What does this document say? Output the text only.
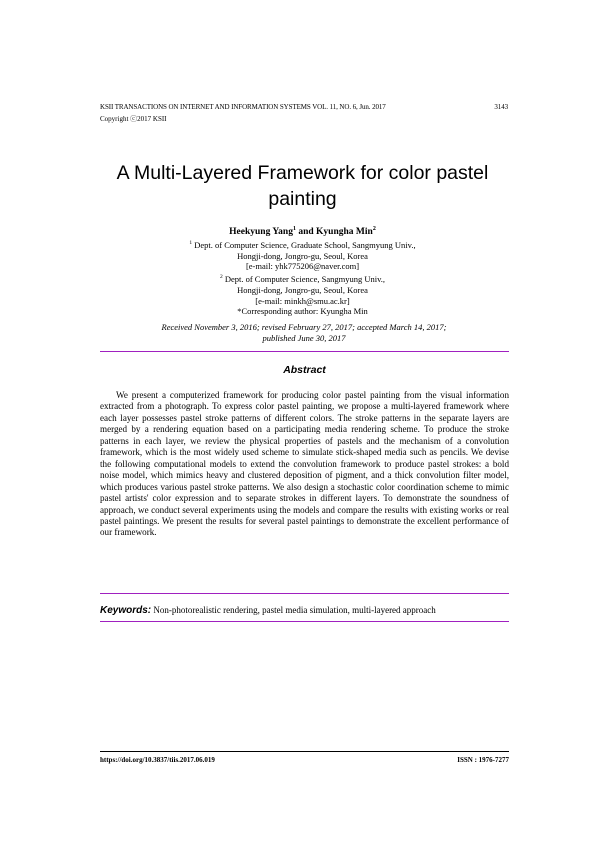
KSII TRANSACTIONS ON INTERNET AND INFORMATION SYSTEMS VOL. 11, NO. 6, Jun. 2017	3143
Copyright ⓒ2017 KSII
A Multi-Layered Framework for color pastel painting
Heekyung Yang$^1$ and Kyungha Min$^2$
$^1$ Dept. of Computer Science, Graduate School, Sangmyung Univ.,
Hongji-dong, Jongro-gu, Seoul, Korea
[e-mail: yhk775206@naver.com]
$^2$ Dept. of Computer Science, Sangmyung Univ.,
Hongji-dong, Jongro-gu, Seoul, Korea
[e-mail: minkh@smu.ac.kr]
*Corresponding author: Kyungha Min
Received November 3, 2016; revised February 27, 2017; accepted March 14, 2017;
published June 30, 2017
Abstract
We present a computerized framework for producing color pastel painting from the visual information extracted from a photograph. To express color pastel painting, we propose a multi-layered framework where each layer possesses pastel stroke patterns of different colors. The stroke patterns in the separate layers are merged by a rendering equation based on a participating media rendering scheme. To produce the stroke patterns in each layer, we review the physical properties of pastels and the mechanism of a convolution framework, which is the most widely used scheme to simulate stick-shaped media such as pencils. We devise the following computational models to extend the convolution framework to produce pastel strokes: a bold noise model, which mimics heavy and clustered deposition of pigment, and a thick convolution filter model, which produces various pastel stroke patterns. We also design a stochastic color coordination scheme to mimic pastel artists' color expression and to separate strokes in different layers. To demonstrate the soundness of approach, we conduct several experiments using the models and compare the results with existing works or real pastel paintings. We present the results for several pastel paintings to demonstrate the excellent performance of our framework.
Keywords: Non-photorealistic rendering, pastel media simulation, multi-layered approach
https://doi.org/10.3837/tiis.2017.06.019	ISSN : 1976-7277
